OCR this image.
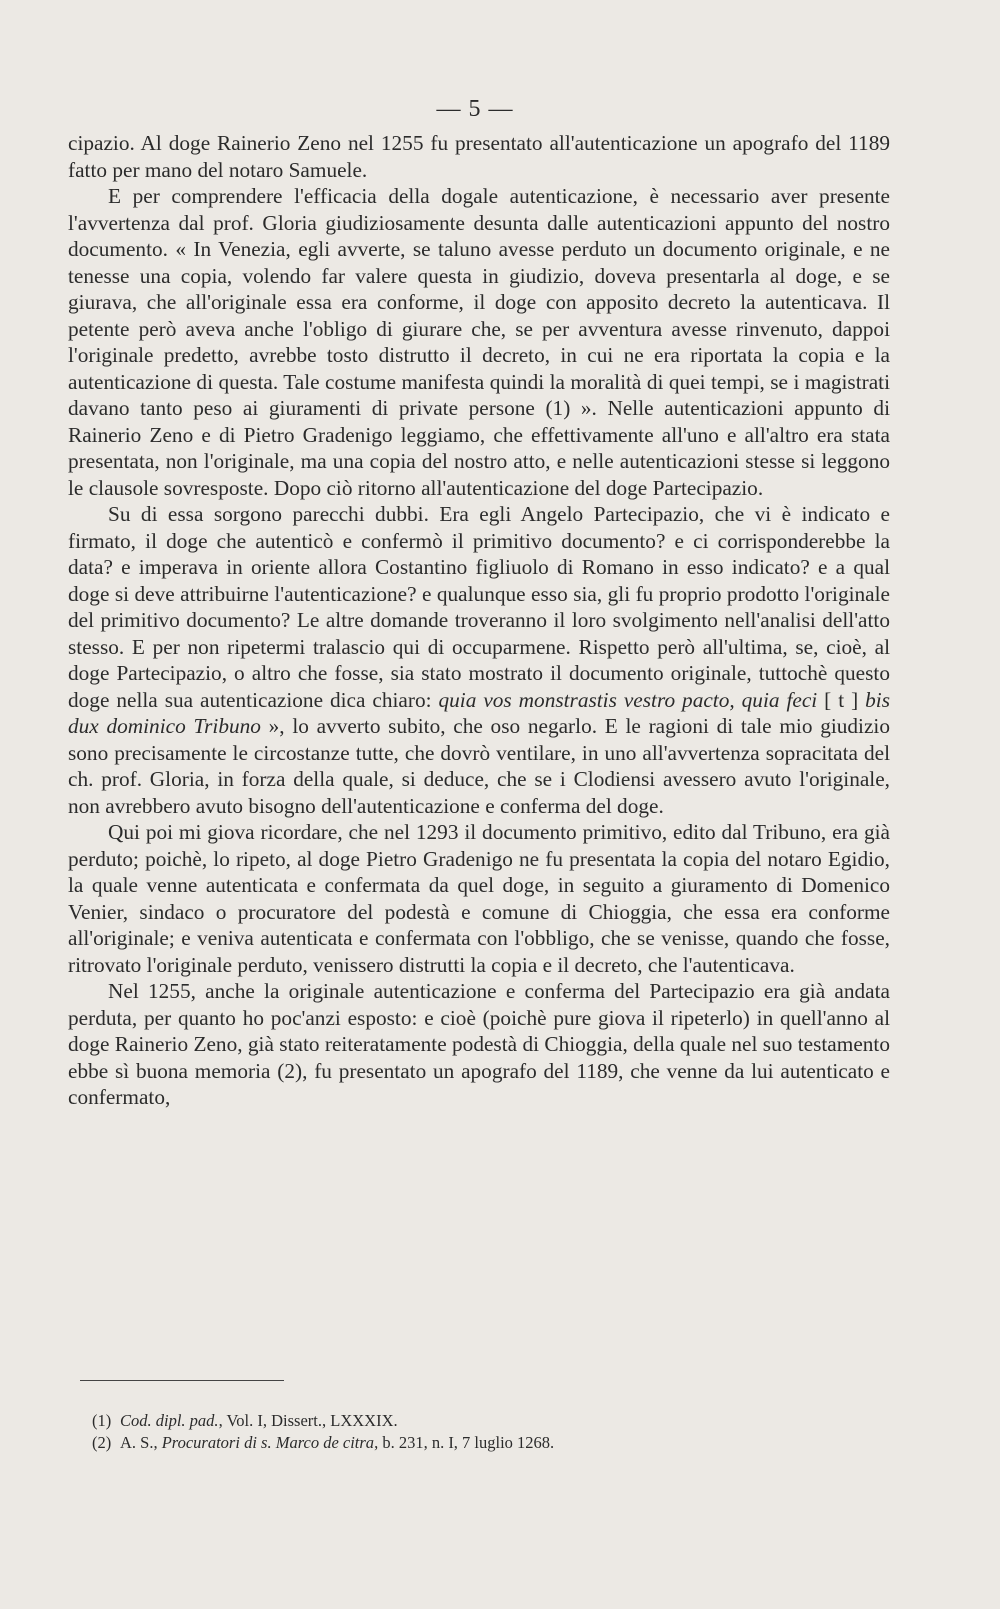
— 5 —

cipazio. Al doge Rainerio Zeno nel 1255 fu presentato all'autenticazione un apografo del 1189 fatto per mano del notaro Samuele.

E per comprendere l'efficacia della dogale autenticazione, è necessario aver presente l'avvertenza dal prof. Gloria giudiziosamente desunta dalle autenticazioni appunto del nostro documento. « In Venezia, egli avverte, se taluno avesse perduto un documento originale, e ne tenesse una copia, volendo far valere questa in giudizio, doveva presentarla al doge, e se giurava, che all'originale essa era conforme, il doge con apposito decreto la autenticava. Il petente però aveva anche l'obligo di giurare che, se per avventura avesse rinvenuto, dappoi l'originale predetto, avrebbe tosto distrutto il decreto, in cui ne era riportata la copia e la autenticazione di questa. Tale costume manifesta quindi la moralità di quei tempi, se i magistrati davano tanto peso ai giuramenti di private persone (1) ». Nelle autenticazioni appunto di Rainerio Zeno e di Pietro Gradenigo leggiamo, che effettivamente all'uno e all'altro era stata presentata, non l'originale, ma una copia del nostro atto, e nelle autenticazioni stesse si leggono le clausole sovresposte. Dopo ciò ritorno all'autenticazione del doge Partecipazio.

Su di essa sorgono parecchi dubbi. Era egli Angelo Partecipazio, che vi è indicato e firmato, il doge che autenticò e confermò il primitivo documento? e ci corrisponderebbe la data? e imperava in oriente allora Costantino figliuolo di Romano in esso indicato? e a qual doge si deve attribuirne l'autenticazione? e qualunque esso sia, gli fu proprio prodotto l'originale del primitivo documento? Le altre domande troveranno il loro svolgimento nell'analisi dell'atto stesso. E per non ripetermi tralascio qui di occuparmene. Rispetto però all'ultima, se, cioè, al doge Partecipazio, o altro che fosse, sia stato mostrato il documento originale, tuttochè questo doge nella sua autenticazione dica chiaro: quia vos monstrastis vestro pacto, quia feci [ t ] bis dux dominico Tribuno », lo avverto subito, che oso negarlo. E le ragioni di tale mio giudizio sono precisamente le circostanze tutte, che dovrò ventilare, in uno all'avvertenza sopracitata del ch. prof. Gloria, in forza della quale, si deduce, che se i Clodiensi avessero avuto l'originale, non avrebbero avuto bisogno dell'autenticazione e conferma del doge.

Qui poi mi giova ricordare, che nel 1293 il documento primitivo, edito dal Tribuno, era già perduto; poichè, lo ripeto, al doge Pietro Gradenigo ne fu presentata la copia del notaro Egidio, la quale venne autenticata e confermata da quel doge, in seguito a giuramento di Domenico Venier, sindaco o procuratore del podestà e comune di Chioggia, che essa era conforme all'originale; e veniva autenticata e confermata con l'obbligo, che se venisse, quando che fosse, ritrovato l'originale perduto, venissero distrutti la copia e il decreto, che l'autenticava.

Nel 1255, anche la originale autenticazione e conferma del Partecipazio era già andata perduta, per quanto ho poc'anzi esposto: e cioè (poichè pure giova il ripeterlo) in quell'anno al doge Rainerio Zeno, già stato reiteratamente podestà di Chioggia, della quale nel suo testamento ebbe sì buona memoria (2), fu presentato un apografo del 1189, che venne da lui autenticato e confermato,

(1) Cod. dipl. pad., Vol. I, Dissert., LXXXIX.
(2) A. S., Procuratori di s. Marco de citra, b. 231, n. I, 7 luglio 1268.
